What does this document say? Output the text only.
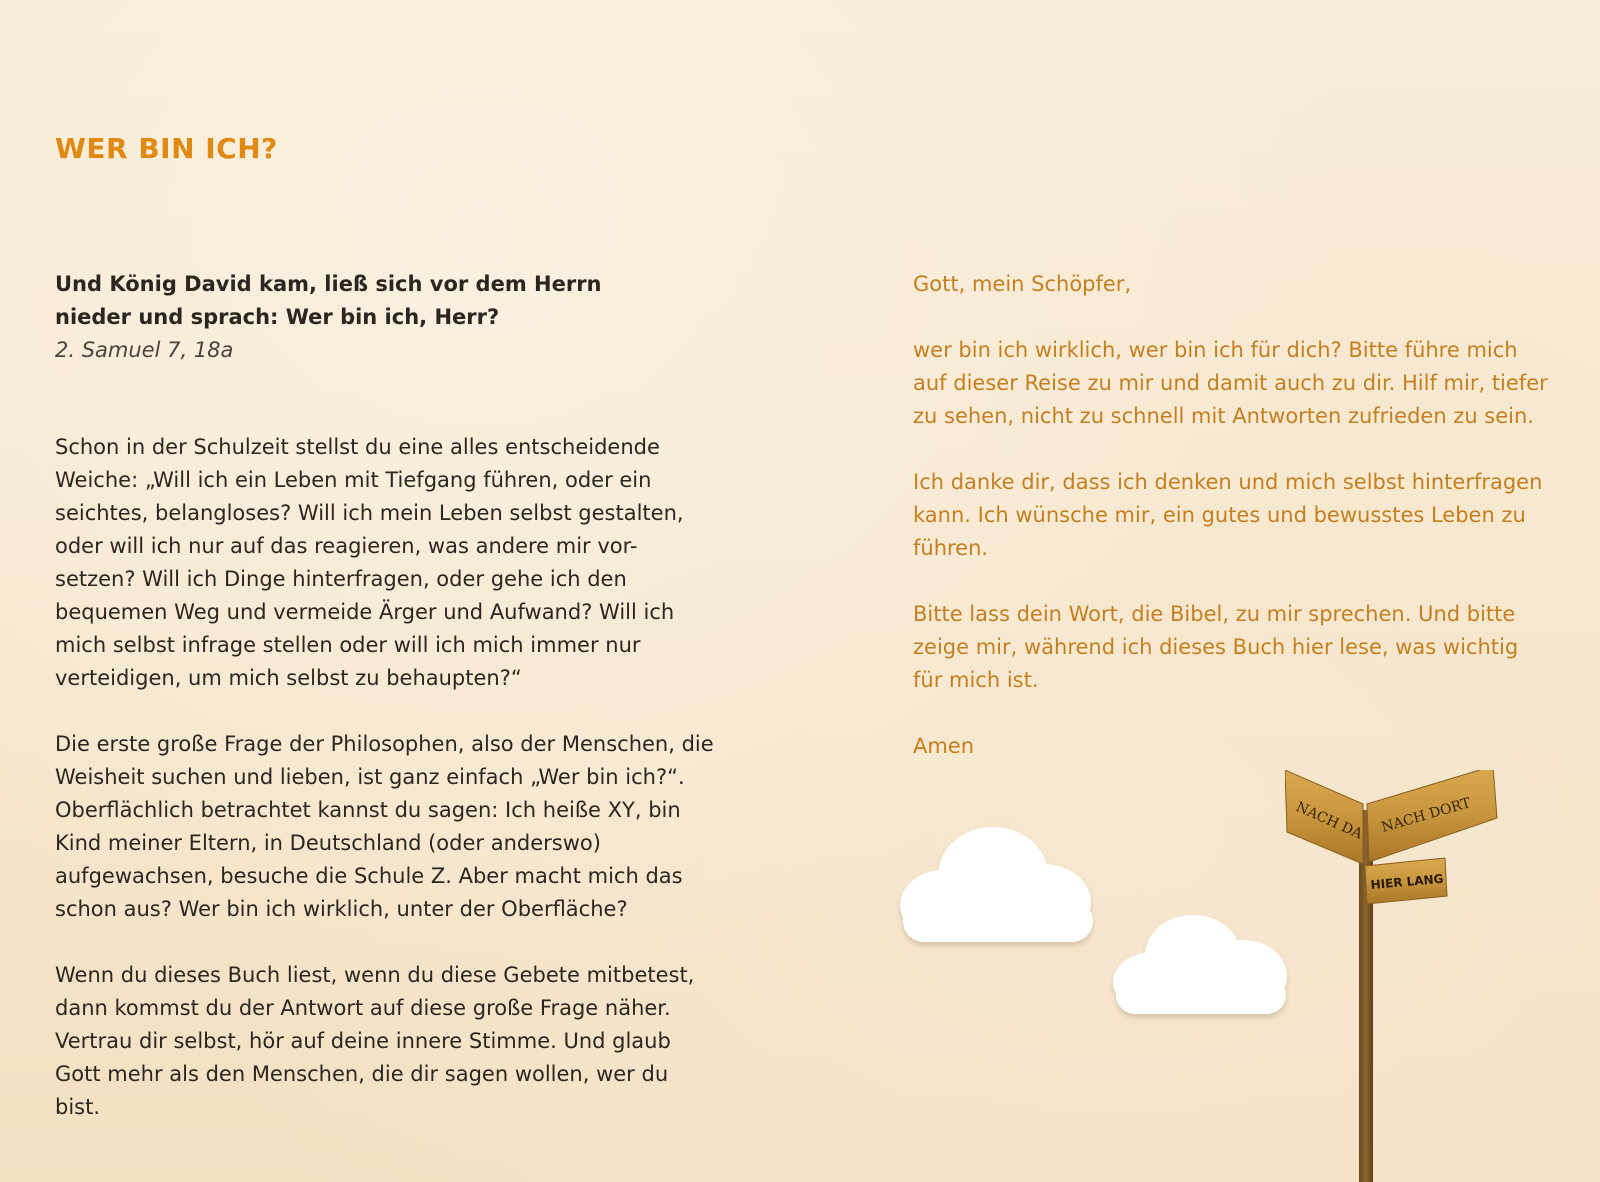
WER BIN ICH?

Und König David kam, ließ sich vor dem Herrn nieder und sprach: Wer bin ich, Herr?

2. Samuel 7, 18a

Schon in der Schulzeit stellst du eine alles entscheidende Weiche: „Will ich ein Leben mit Tiefgang führen, oder ein seichtes, belangloses? Will ich mein Leben selbst gestalten, oder will ich nur auf das reagieren, was andere mir vor-setzen? Will ich Dinge hinterfragen, oder gehe ich den bequemen Weg und vermeide Ärger und Aufwand? Will ich mich selbst infrage stellen oder will ich mich immer nur verteidigen, um mich selbst zu behaupten?“

Die erste große Frage der Philosophen, also der Menschen, die Weisheit suchen und lieben, ist ganz einfach „Wer bin ich?“. Oberflächlich betrachtet kannst du sagen: Ich heiße XY, bin Kind meiner Eltern, in Deutschland (oder anderswo) aufgewachsen, besuche die Schule Z. Aber macht mich das schon aus? Wer bin ich wirklich, unter der Oberfläche?

Wenn du dieses Buch liest, wenn du diese Gebete mitbetest, dann kommst du der Antwort auf diese große Frage näher. Vertrau dir selbst, hör auf deine innere Stimme. Und glaub Gott mehr als den Menschen, die dir sagen wollen, wer du bist.

Gott, mein Schöpfer,

wer bin ich wirklich, wer bin ich für dich? Bitte führe mich auf dieser Reise zu mir und damit auch zu dir. Hilf mir, tiefer zu sehen, nicht zu schnell mit Antworten zufrieden zu sein.

Ich danke dir, dass ich denken und mich selbst hinterfragen kann. Ich wünsche mir, ein gutes und bewusstes Leben zu führen.

Bitte lass dein Wort, die Bibel, zu mir sprechen. Und bitte zeige mir, während ich dieses Buch hier lese, was wichtig für mich ist.

Amen

NACH DA NACH DORT
HIER LANG
